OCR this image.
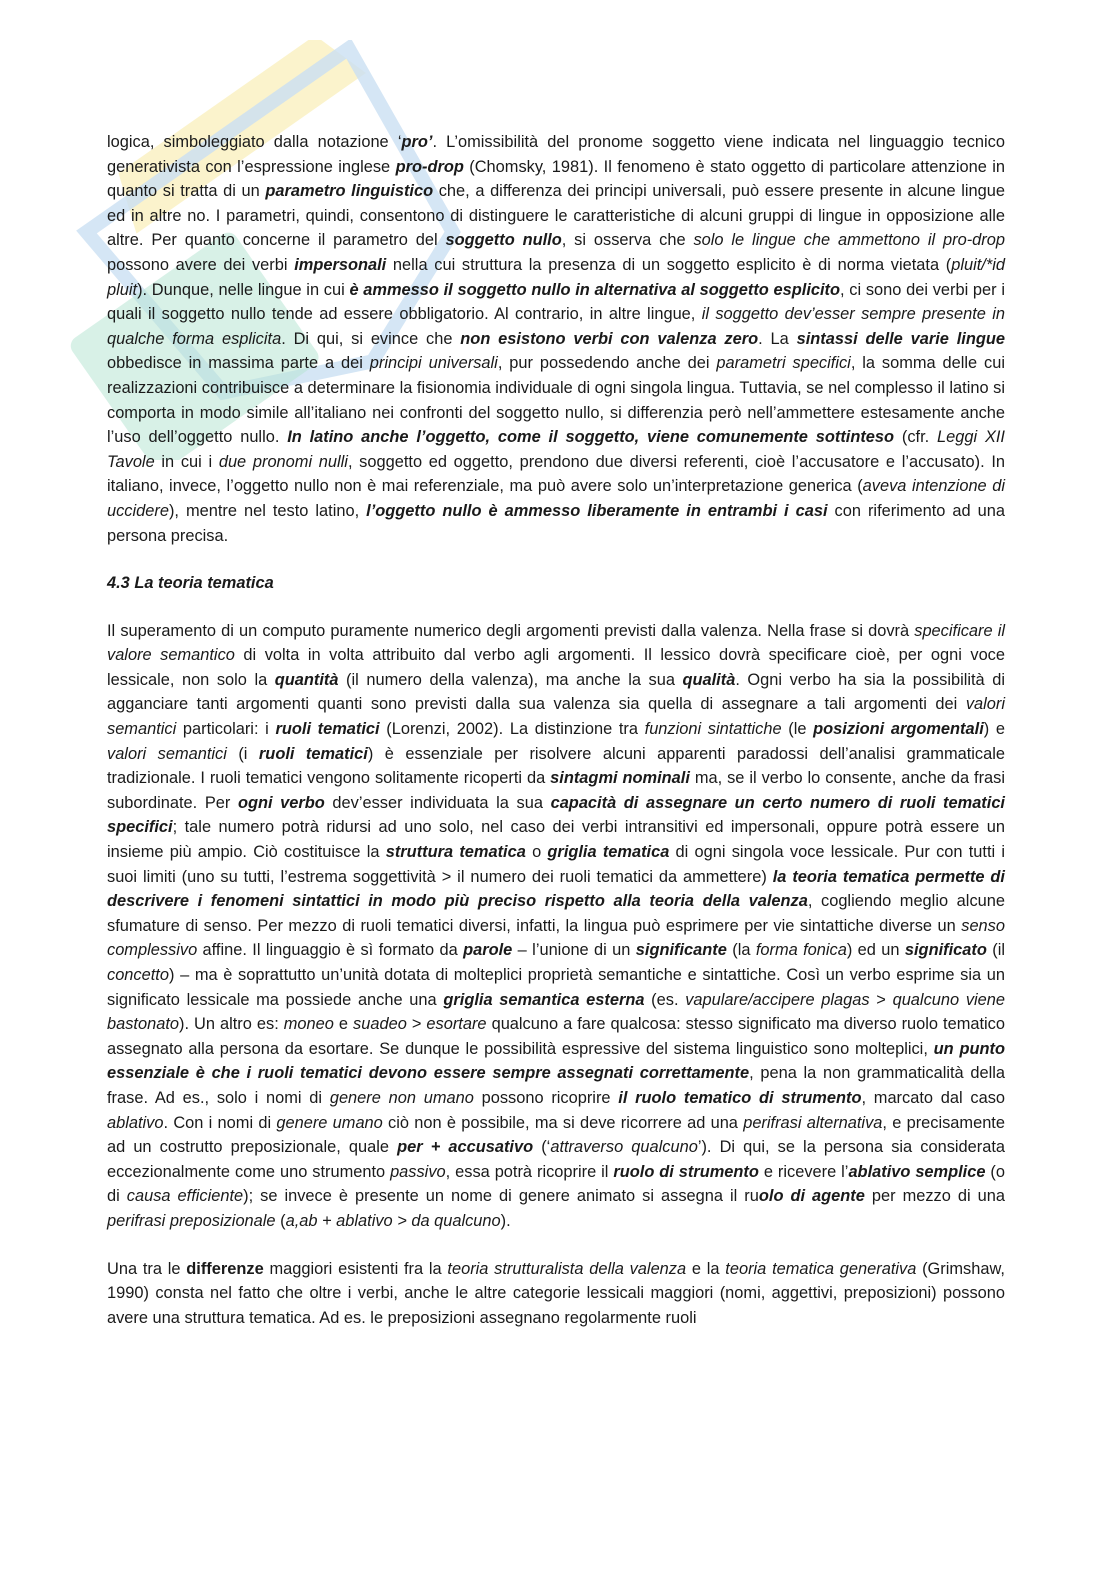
logica, simboleggiato dalla notazione ‘pro’. L’omissibilità del pronome soggetto viene indicata nel linguaggio tecnico generativista con l’espressione inglese pro-drop (Chomsky, 1981). Il fenomeno è stato oggetto di particolare attenzione in quanto si tratta di un parametro linguistico che, a differenza dei principi universali, può essere presente in alcune lingue ed in altre no. I parametri, quindi, consentono di distinguere le caratteristiche di alcuni gruppi di lingue in opposizione alle altre. Per quanto concerne il parametro del soggetto nullo, si osserva che solo le lingue che ammettono il pro-drop possono avere dei verbi impersonali nella cui struttura la presenza di un soggetto esplicito è di norma vietata (pluit/*id pluit). Dunque, nelle lingue in cui è ammesso il soggetto nullo in alternativa al soggetto esplicito, ci sono dei verbi per i quali il soggetto nullo tende ad essere obbligatorio. Al contrario, in altre lingue, il soggetto dev’esser sempre presente in qualche forma esplicita. Di qui, si evince che non esistono verbi con valenza zero. La sintassi delle varie lingue obbedisce in massima parte a dei principi universali, pur possedendo anche dei parametri specifici, la somma delle cui realizzazioni contribuisce a determinare la fisionomia individuale di ogni singola lingua. Tuttavia, se nel complesso il latino si comporta in modo simile all’italiano nei confronti del soggetto nullo, si differenzia però nell’ammettere estesamente anche l’uso dell’oggetto nullo. In latino anche l’oggetto, come il soggetto, viene comunemente sottinteso (cfr. Leggi XII Tavole in cui i due pronomi nulli, soggetto ed oggetto, prendono due diversi referenti, cioè l’accusatore e l’accusato). In italiano, invece, l’oggetto nullo non è mai referenziale, ma può avere solo un’interpretazione generica (aveva intenzione di uccidere), mentre nel testo latino, l’oggetto nullo è ammesso liberamente in entrambi i casi con riferimento ad una persona precisa.

4.3 La teoria tematica

Il superamento di un computo puramente numerico degli argomenti previsti dalla valenza. Nella frase si dovrà specificare il valore semantico di volta in volta attribuito dal verbo agli argomenti. Il lessico dovrà specificare cioè, per ogni voce lessicale, non solo la quantità (il numero della valenza), ma anche la sua qualità. Ogni verbo ha sia la possibilità di agganciare tanti argomenti quanti sono previsti dalla sua valenza sia quella di assegnare a tali argomenti dei valori semantici particolari: i ruoli tematici (Lorenzi, 2002). La distinzione tra funzioni sintattiche (le posizioni argomentali) e valori semantici (i ruoli tematici) è essenziale per risolvere alcuni apparenti paradossi dell’analisi grammaticale tradizionale. I ruoli tematici vengono solitamente ricoperti da sintagmi nominali ma, se il verbo lo consente, anche da frasi subordinate. Per ogni verbo dev’esser individuata la sua capacità di assegnare un certo numero di ruoli tematici specifici; tale numero potrà ridursi ad uno solo, nel caso dei verbi intransitivi ed impersonali, oppure potrà essere un insieme più ampio. Ciò costituisce la struttura tematica o griglia tematica di ogni singola voce lessicale. Pur con tutti i suoi limiti (uno su tutti, l’estrema soggettività > il numero dei ruoli tematici da ammettere) la teoria tematica permette di descrivere i fenomeni sintattici in modo più preciso rispetto alla teoria della valenza, cogliendo meglio alcune sfumature di senso. Per mezzo di ruoli tematici diversi, infatti, la lingua può esprimere per vie sintattiche diverse un senso complessivo affine. Il linguaggio è sì formato da parole – l’unione di un significante (la forma fonica) ed un significato (il concetto) – ma è soprattutto un’unità dotata di molteplici proprietà semantiche e sintattiche. Così un verbo esprime sia un significato lessicale ma possiede anche una griglia semantica esterna (es. vapulare/accipere plagas > qualcuno viene bastonato). Un altro es: moneo e suadeo > esortare qualcuno a fare qualcosa: stesso significato ma diverso ruolo tematico assegnato alla persona da esortare. Se dunque le possibilità espressive del sistema linguistico sono molteplici, un punto essenziale è che i ruoli tematici devono essere sempre assegnati correttamente, pena la non grammaticalità della frase. Ad es., solo i nomi di genere non umano possono ricoprire il ruolo tematico di strumento, marcato dal caso ablativo. Con i nomi di genere umano ciò non è possibile, ma si deve ricorrere ad una perifrasi alternativa, e precisamente ad un costrutto preposizionale, quale per + accusativo (‘attraverso qualcuno’). Di qui, se la persona sia considerata eccezionalmente come uno strumento passivo, essa potrà ricoprire il ruolo di strumento e ricevere l’ablativo semplice (o di causa efficiente); se invece è presente un nome di genere animato si assegna il ruolo di agente per mezzo di una perifrasi preposizionale (a,ab + ablativo > da qualcuno).

Una tra le differenze maggiori esistenti fra la teoria strutturalista della valenza e la teoria tematica generativa (Grimshaw, 1990) consta nel fatto che oltre i verbi, anche le altre categorie lessicali maggiori (nomi, aggettivi, preposizioni) possono avere una struttura tematica. Ad es. le preposizioni assegnano regolarmente ruoli
